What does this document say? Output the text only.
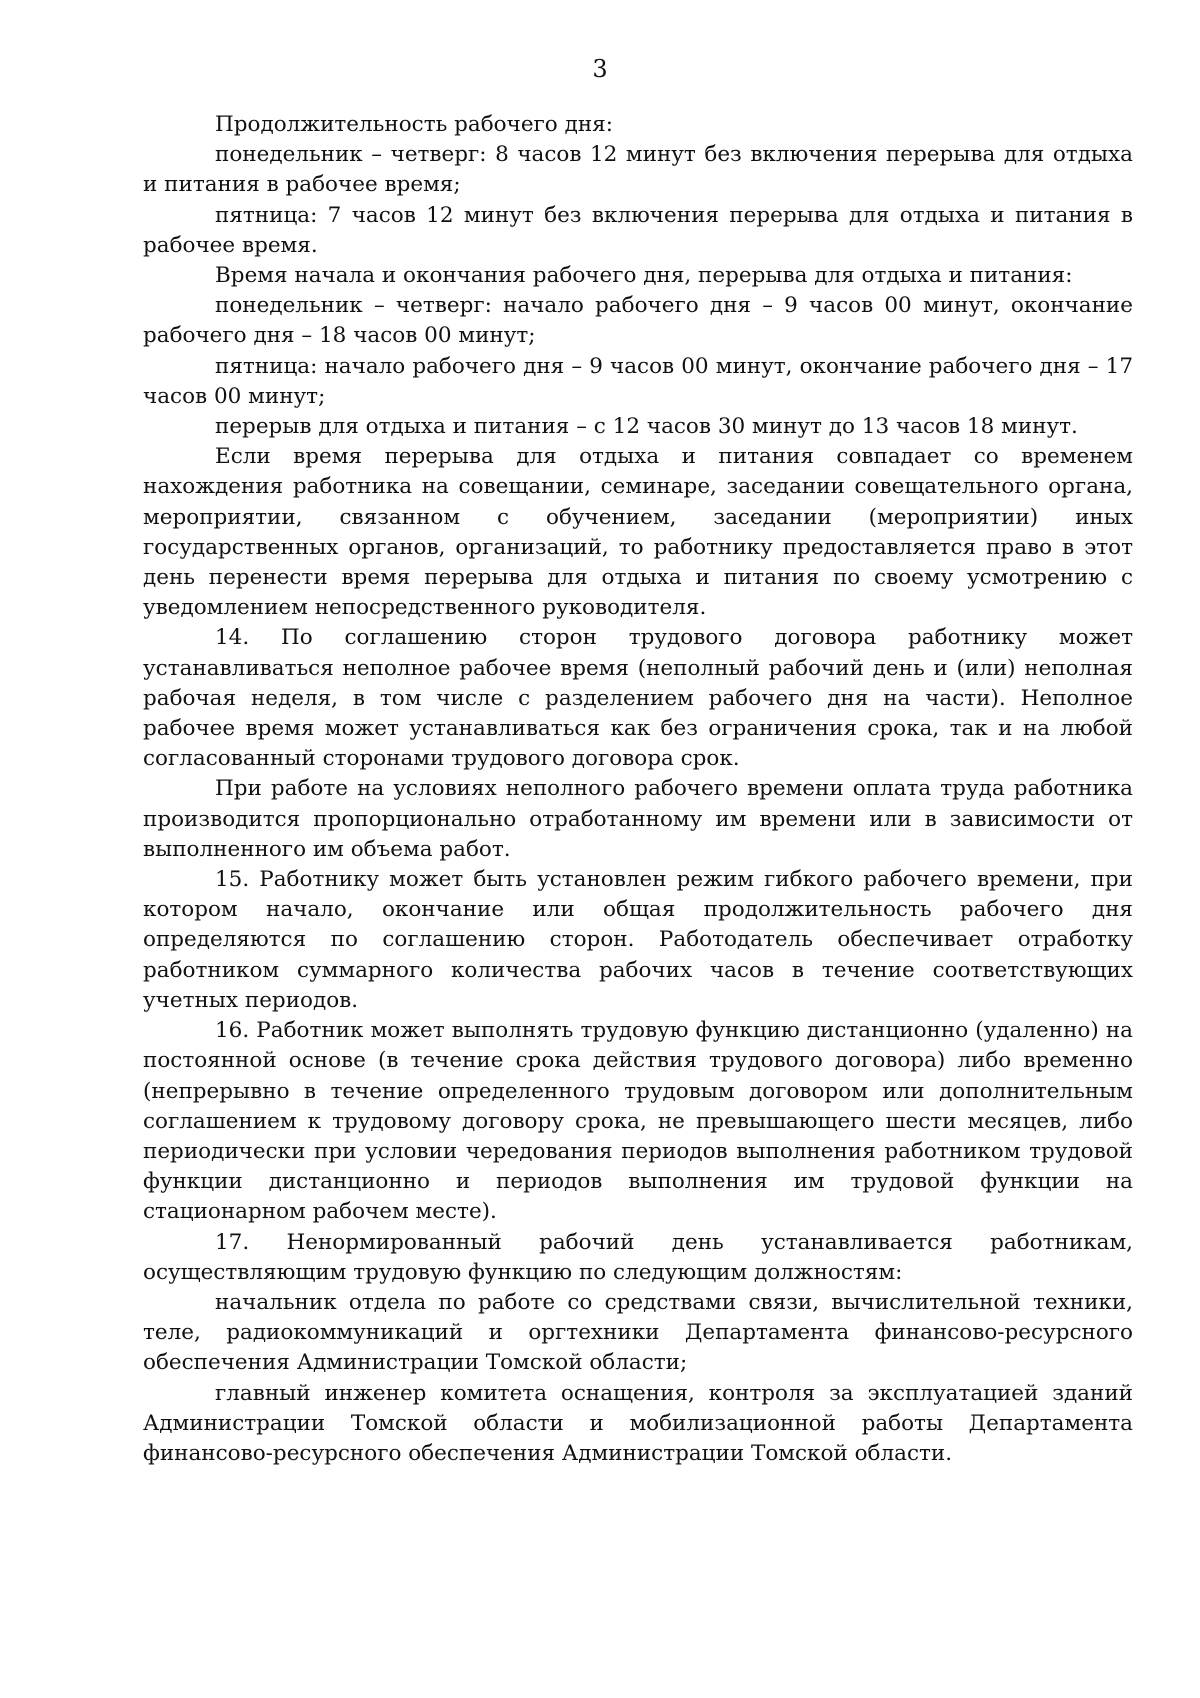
3

Продолжительность рабочего дня:

понедельник – четверг: 8 часов 12 минут без включения перерыва для отдыха и питания в рабочее время;

пятница: 7 часов 12 минут без включения перерыва для отдыха и питания в рабочее время.

Время начала и окончания рабочего дня, перерыва для отдыха и питания:

понедельник – четверг: начало рабочего дня – 9 часов 00 минут, окончание рабочего дня – 18 часов 00 минут;

пятница: начало рабочего дня – 9 часов 00 минут, окончание рабочего дня – 17 часов 00 минут;

перерыв для отдыха и питания – с 12 часов 30 минут до 13 часов 18 минут.

Если время перерыва для отдыха и питания совпадает со временем нахождения работника на совещании, семинаре, заседании совещательного органа, мероприятии, связанном с обучением, заседании (мероприятии) иных государственных органов, организаций, то работнику предоставляется право в этот день перенести время перерыва для отдыха и питания по своему усмотрению с уведомлением непосредственного руководителя.

14. По соглашению сторон трудового договора работнику может устанавливаться неполное рабочее время (неполный рабочий день и (или) неполная рабочая неделя, в том числе с разделением рабочего дня на части). Неполное рабочее время может устанавливаться как без ограничения срока, так и на любой согласованный сторонами трудового договора срок.

При работе на условиях неполного рабочего времени оплата труда работника производится пропорционально отработанному им времени или в зависимости от выполненного им объема работ.

15. Работнику может быть установлен режим гибкого рабочего времени, при котором начало, окончание или общая продолжительность рабочего дня определяются по соглашению сторон. Работодатель обеспечивает отработку работником суммарного количества рабочих часов в течение соответствующих учетных периодов.

16. Работник может выполнять трудовую функцию дистанционно (удаленно) на постоянной основе (в течение срока действия трудового договора) либо временно (непрерывно в течение определенного трудовым договором или дополнительным соглашением к трудовому договору срока, не превышающего шести месяцев, либо периодически при условии чередования периодов выполнения работником трудовой функции дистанционно и периодов выполнения им трудовой функции на стационарном рабочем месте).

17. Ненормированный рабочий день устанавливается работникам, осуществляющим трудовую функцию по следующим должностям:

начальник отдела по работе со средствами связи, вычислительной техники, теле, радиокоммуникаций и оргтехники Департамента финансово-ресурсного обеспечения Администрации Томской области;

главный инженер комитета оснащения, контроля за эксплуатацией зданий Администрации Томской области и мобилизационной работы Департамента финансово-ресурсного обеспечения Администрации Томской области.
